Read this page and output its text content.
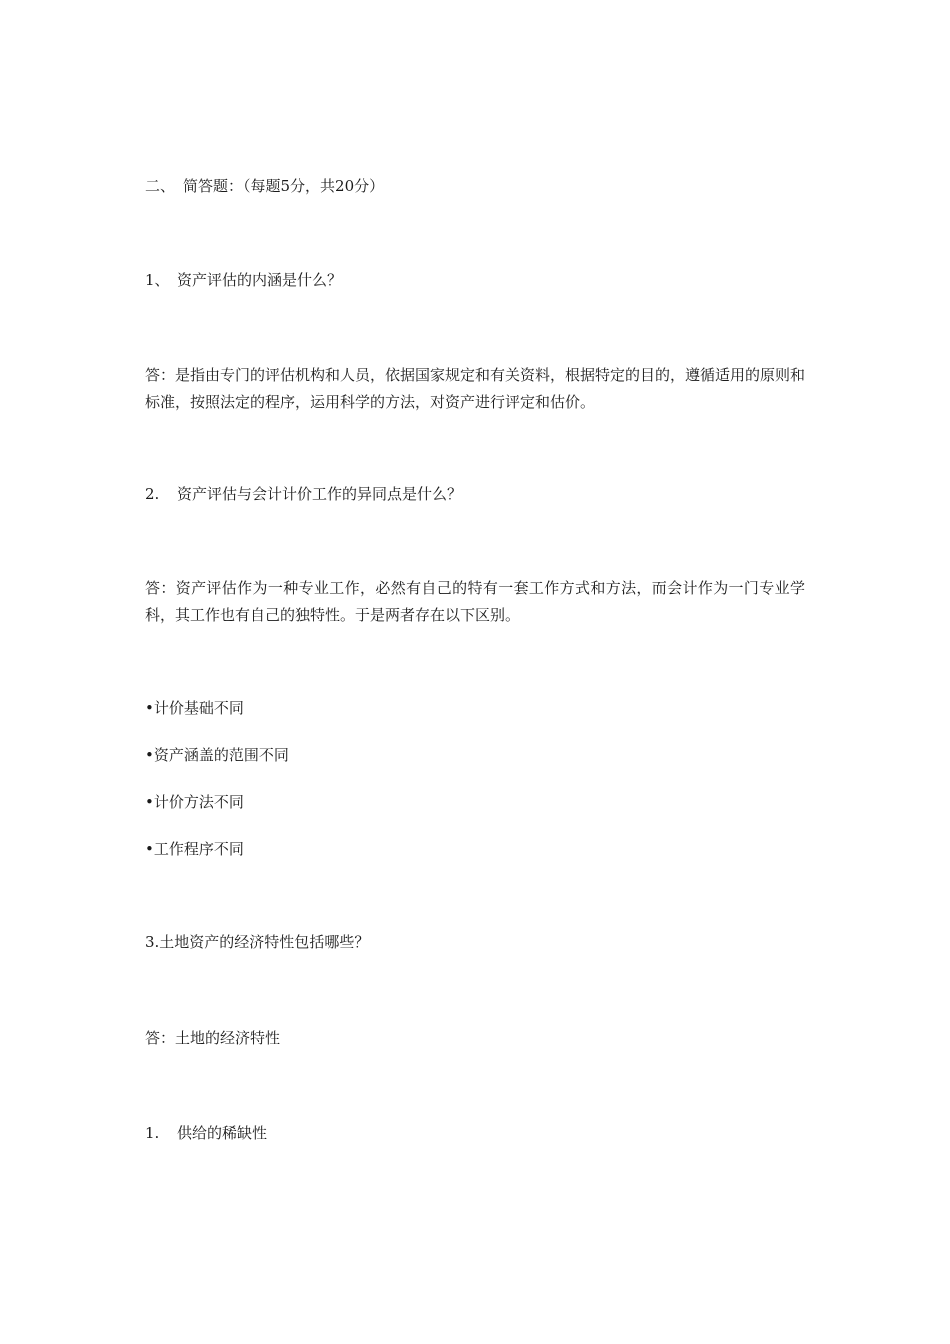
二、 简答题：（每题5分，共20分）
1、 资产评估的内涵是什么？
答：是指由专门的评估机构和人员，依据国家规定和有关资料，根据特定的目的，遵循适用的原则和标准，按照法定的程序，运用科学的方法，对资产进行评定和估价。
2. 资产评估与会计计价工作的异同点是什么？
答：资产评估作为一种专业工作，必然有自己的特有一套工作方式和方法，而会计作为一门专业学科，其工作也有自己的独特性。于是两者存在以下区别。
•计价基础不同
•资产涵盖的范围不同
•计价方法不同
•工作程序不同
3.土地资产的经济特性包括哪些？
答：土地的经济特性
1. 供给的稀缺性
